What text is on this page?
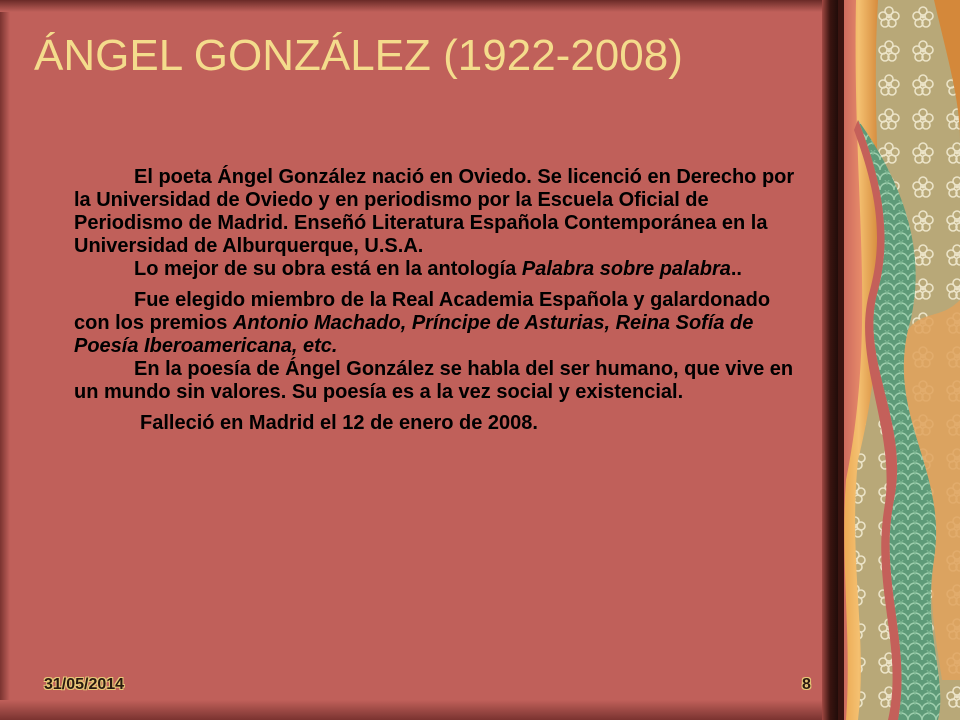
ÁNGEL GONZÁLEZ (1922-2008)

El poeta Ángel González nació en Oviedo. Se licenció en Derecho por la Universidad de Oviedo y en periodismo por la Escuela Oficial de Periodismo de Madrid. Enseñó Literatura Española Contemporánea en la Universidad de Alburquerque, U.S.A.

Lo mejor de su obra está en la antología Palabra sobre palabra..

Fue elegido miembro de la Real Academia Española y galardonado con los premios Antonio Machado, Príncipe de Asturias, Reina Sofía de Poesía Iberoamericana, etc.

En la poesía de Ángel González se habla del ser humano, que vive en un mundo sin valores. Su poesía es a la vez social y existencial.

Falleció en Madrid el 12 de enero de 2008.

31/05/2014	8
